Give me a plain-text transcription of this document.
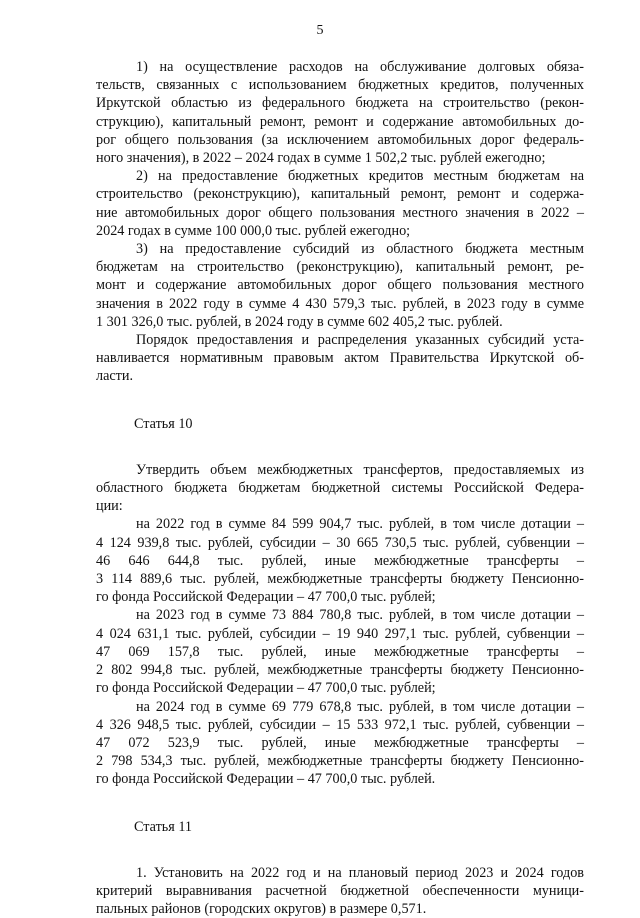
5
1) на осуществление расходов на обслуживание долговых обяза-
тельств, связанных с использованием бюджетных кредитов, полученных
Иркутской областью из федерального бюджета на строительство (рекон-
струкцию), капитальный ремонт, ремонт и содержание автомобильных до-
рог общего пользования (за исключением автомобильных дорог федераль-
ного значения), в 2022 – 2024 годах в сумме 1 502,2 тыс. рублей ежегодно;
2) на предоставление бюджетных кредитов местным бюджетам на
строительство (реконструкцию), капитальный ремонт, ремонт и содержа-
ние автомобильных дорог общего пользования местного значения в 2022 –
2024 годах в сумме 100 000,0 тыс. рублей ежегодно;
3) на предоставление субсидий из областного бюджета местным
бюджетам на строительство (реконструкцию), капитальный ремонт, ре-
монт и содержание автомобильных дорог общего пользования местного
значения в 2022 году в сумме 4 430 579,3 тыс. рублей, в 2023 году в сумме
1 301 326,0 тыс. рублей, в 2024 году в сумме 602 405,2 тыс. рублей.
Порядок предоставления и распределения указанных субсидий уста-
навливается нормативным правовым актом Правительства Иркутской об-
ласти.
Статья 10
Утвердить объем межбюджетных трансфертов, предоставляемых из
областного бюджета бюджетам бюджетной системы Российской Федера-
ции:
на 2022 год в сумме 84 599 904,7 тыс. рублей, в том числе дотации –
4 124 939,8 тыс. рублей, субсидии – 30 665 730,5 тыс. рублей, субвенции –
46 646 644,8 тыс. рублей, иные межбюджетные трансферты –
3 114 889,6 тыс. рублей, межбюджетные трансферты бюджету Пенсионно-
го фонда Российской Федерации – 47 700,0 тыс. рублей;
на 2023 год в сумме 73 884 780,8 тыс. рублей, в том числе дотации –
4 024 631,1 тыс. рублей, субсидии – 19 940 297,1 тыс. рублей, субвенции –
47 069 157,8 тыс. рублей, иные межбюджетные трансферты –
2 802 994,8 тыс. рублей, межбюджетные трансферты бюджету Пенсионно-
го фонда Российской Федерации – 47 700,0 тыс. рублей;
на 2024 год в сумме 69 779 678,8 тыс. рублей, в том числе дотации –
4 326 948,5 тыс. рублей, субсидии – 15 533 972,1 тыс. рублей, субвенции –
47 072 523,9 тыс. рублей, иные межбюджетные трансферты –
2 798 534,3 тыс. рублей, межбюджетные трансферты бюджету Пенсионно-
го фонда Российской Федерации – 47 700,0 тыс. рублей.
Статья 11
1. Установить на 2022 год и на плановый период 2023 и 2024 годов
критерий выравнивания расчетной бюджетной обеспеченности муници-
пальных районов (городских округов) в размере 0,571.
